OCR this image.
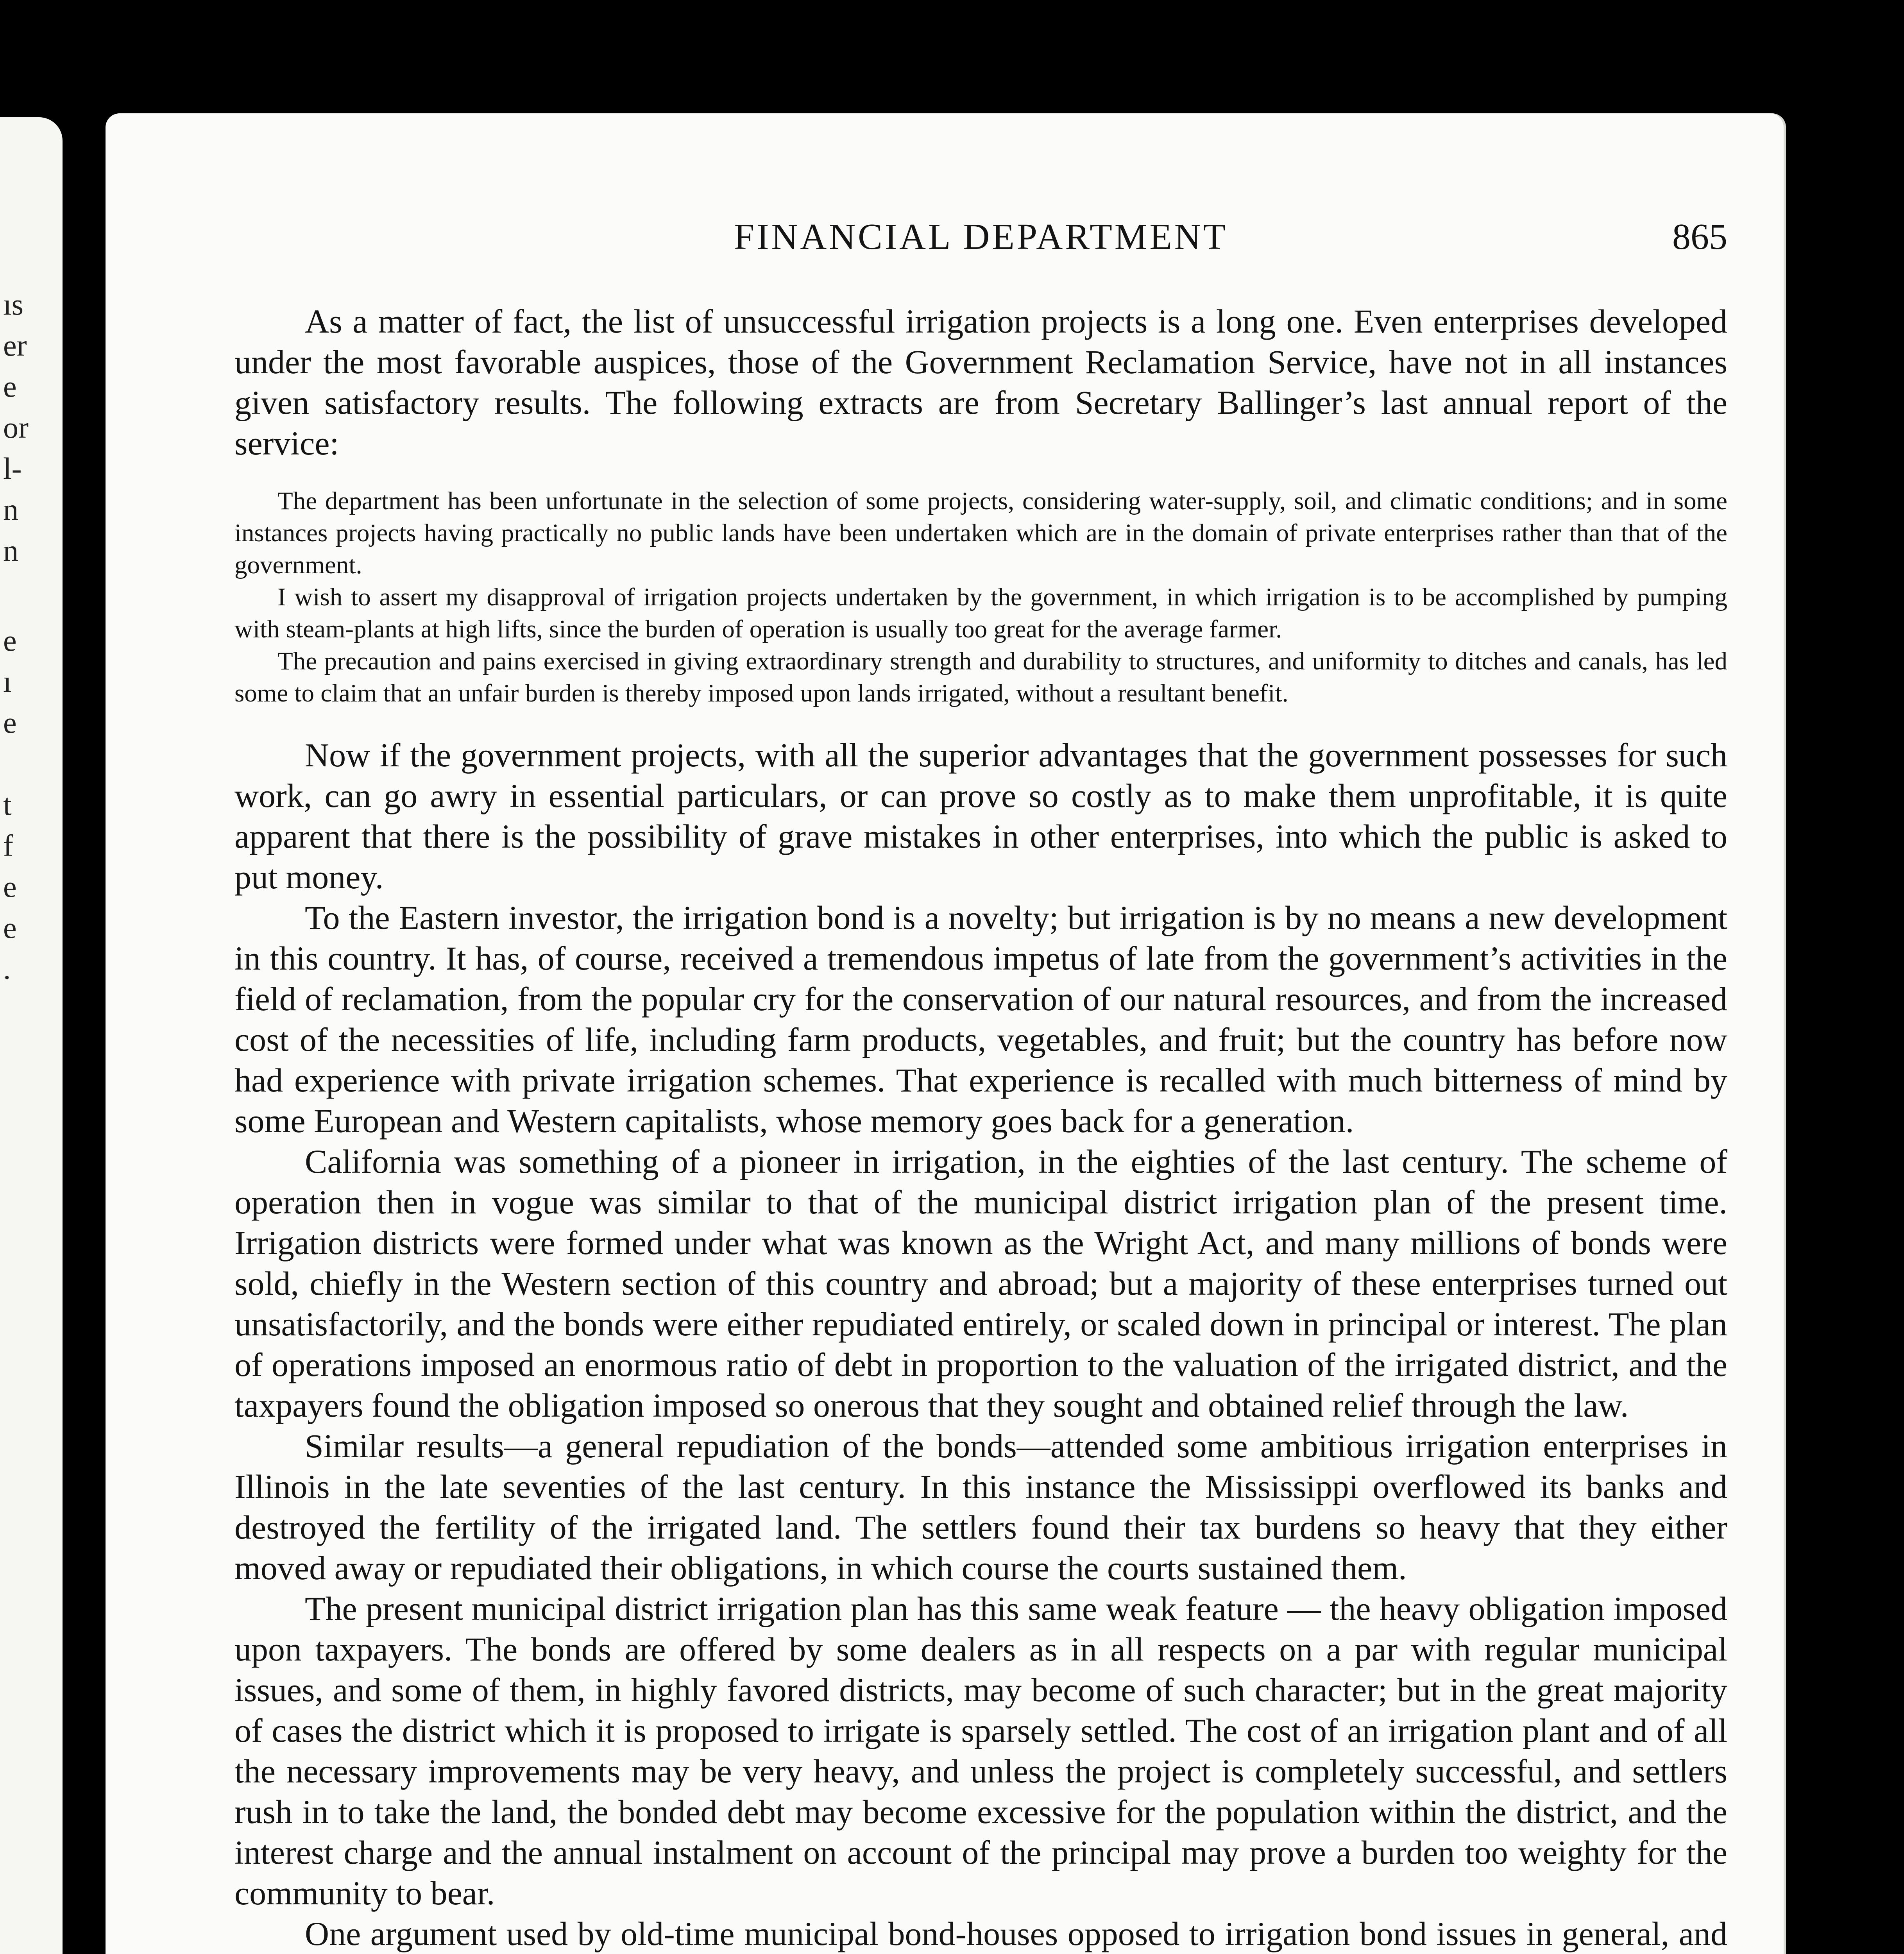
ıs
er
e
or
l-
n
n
e
ı
e
t
f
e
e
.
FINANCIAL DEPARTMENT	865

As a matter of fact, the list of unsuccessful irrigation projects is a long one. Even enterprises developed under the most favorable auspices, those of the Government Reclamation Service, have not in all instances given satisfactory results. The following extracts are from Secretary Ballinger’s last annual report of the service:

The department has been unfortunate in the selection of some projects, considering water-supply, soil, and climatic conditions; and in some instances projects having practically no public lands have been undertaken which are in the domain of private enterprises rather than that of the government.

I wish to assert my disapproval of irrigation projects undertaken by the government, in which irrigation is to be accomplished by pumping with steam-plants at high lifts, since the burden of operation is usually too great for the average farmer.

The precaution and pains exercised in giving extraordinary strength and durability to structures, and uniformity to ditches and canals, has led some to claim that an unfair burden is thereby imposed upon lands irrigated, without a resultant benefit.

Now if the government projects, with all the superior advantages that the government possesses for such work, can go awry in essential particulars, or can prove so costly as to make them unprofitable, it is quite apparent that there is the possibility of grave mistakes in other enterprises, into which the public is asked to put money.

To the Eastern investor, the irrigation bond is a novelty; but irrigation is by no means a new development in this country. It has, of course, received a tremendous impetus of late from the government’s activities in the field of reclamation, from the popular cry for the conservation of our natural resources, and from the increased cost of the necessities of life, including farm products, vegetables, and fruit; but the country has before now had experience with private irrigation schemes. That experience is recalled with much bitterness of mind by some European and Western capitalists, whose memory goes back for a generation.

California was something of a pioneer in irrigation, in the eighties of the last century. The scheme of operation then in vogue was similar to that of the municipal district irrigation plan of the present time. Irrigation districts were formed under what was known as the Wright Act, and many millions of bonds were sold, chiefly in the Western section of this country and abroad; but a majority of these enterprises turned out unsatisfactorily, and the bonds were either repudiated entirely, or scaled down in principal or interest. The plan of operations imposed an enormous ratio of debt in proportion to the valuation of the irrigated district, and the taxpayers found the obligation imposed so onerous that they sought and obtained relief through the law.

Similar results—a general repudiation of the bonds—attended some ambitious irrigation enterprises in Illinois in the late seventies of the last century. In this instance the Mississippi overflowed its banks and destroyed the fertility of the irrigated land. The settlers found their tax burdens so heavy that they either moved away or repudiated their obligations, in which course the courts sustained them.

The present municipal district irrigation plan has this same weak feature — the heavy obligation imposed upon taxpayers. The bonds are offered by some dealers as in all respects on a par with regular municipal issues, and some of them, in highly favored districts, may become of such character; but in the great majority of cases the district which it is proposed to irrigate is sparsely settled. The cost of an irrigation plant and of all the necessary improvements may be very heavy, and unless the project is completely successful, and settlers rush in to take the land, the bonded debt may become excessive for the population within the district, and the interest charge and the annual instalment on account of the principal may prove a burden too weighty for the community to bear.

One argument used by old-time municipal bond-houses opposed to irrigation bond issues in general, and
